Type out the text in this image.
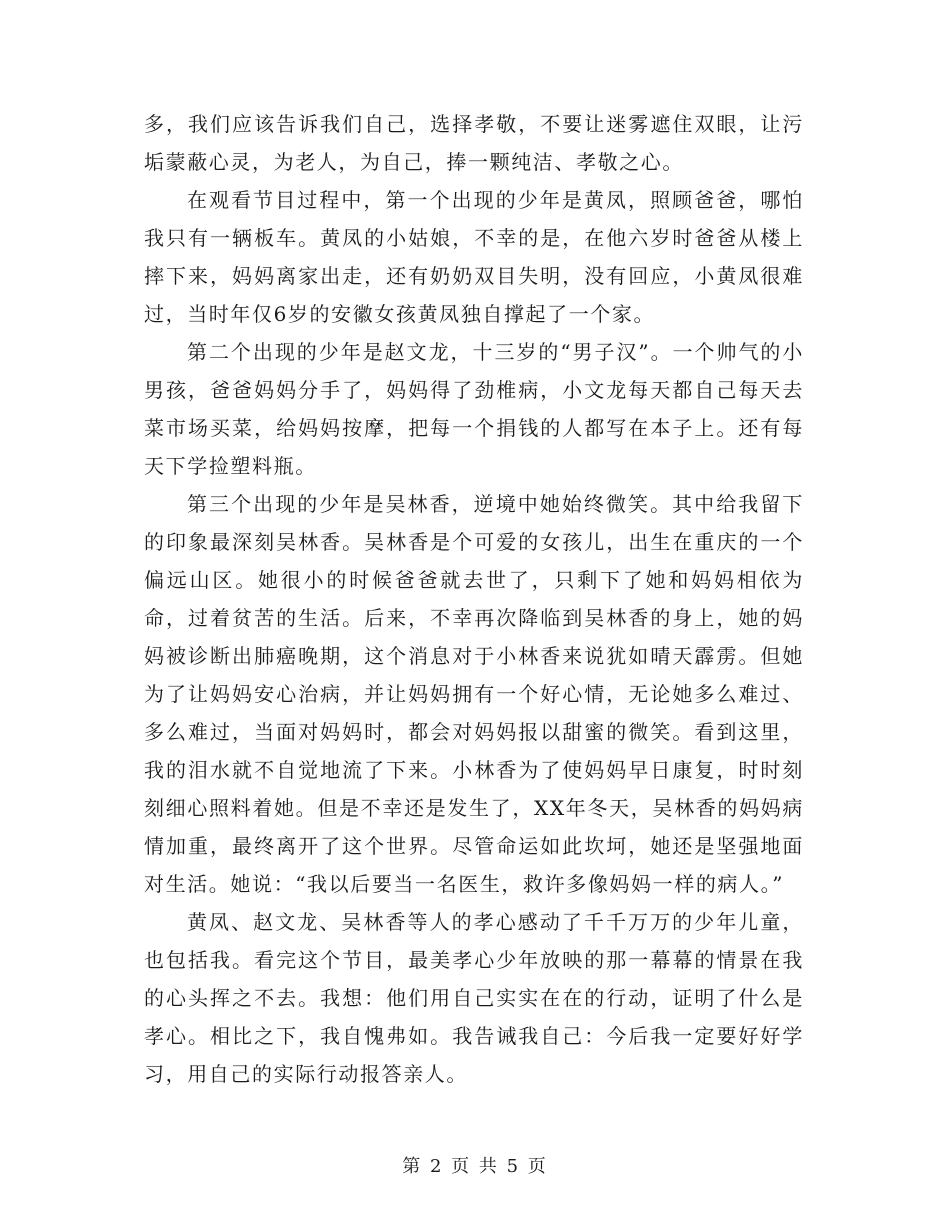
多，我们应该告诉我们自己，选择孝敬，不要让迷雾遮住双眼，让污垢蒙蔽心灵，为老人，为自己，捧一颗纯洁、孝敬之心。

在观看节目过程中，第一个出现的少年是黄凤，照顾爸爸，哪怕我只有一辆板车。黄凤的小姑娘，不幸的是，在他六岁时爸爸从楼上摔下来，妈妈离家出走，还有奶奶双目失明，没有回应，小黄凤很难过，当时年仅6岁的安徽女孩黄凤独自撑起了一个家。

第二个出现的少年是赵文龙，十三岁的“男子汉”。一个帅气的小男孩，爸爸妈妈分手了，妈妈得了劲椎病，小文龙每天都自己每天去菜市场买菜，给妈妈按摩，把每一个捐钱的人都写在本子上。还有每天下学捡塑料瓶。

第三个出现的少年是吴林香，逆境中她始终微笑。其中给我留下的印象最深刻吴林香。吴林香是个可爱的女孩儿，出生在重庆的一个偏远山区。她很小的时候爸爸就去世了，只剩下了她和妈妈相依为命，过着贫苦的生活。后来，不幸再次降临到吴林香的身上，她的妈妈被诊断出肺癌晚期，这个消息对于小林香来说犹如晴天霹雳。但她为了让妈妈安心治病，并让妈妈拥有一个好心情，无论她多么难过、多么难过，当面对妈妈时，都会对妈妈报以甜蜜的微笑。看到这里，我的泪水就不自觉地流了下来。小林香为了使妈妈早日康复，时时刻刻细心照料着她。但是不幸还是发生了，XX年冬天，吴林香的妈妈病情加重，最终离开了这个世界。尽管命运如此坎坷，她还是坚强地面对生活。她说：“我以后要当一名医生，救许多像妈妈一样的病人。”

黄凤、赵文龙、吴林香等人的孝心感动了千千万万的少年儿童，也包括我。看完这个节目，最美孝心少年放映的那一幕幕的情景在我的心头挥之不去。我想：他们用自己实实在在的行动，证明了什么是孝心。相比之下，我自愧弗如。我告诫我自己：今后我一定要好好学习，用自己的实际行动报答亲人。

第 2 页 共 5 页
